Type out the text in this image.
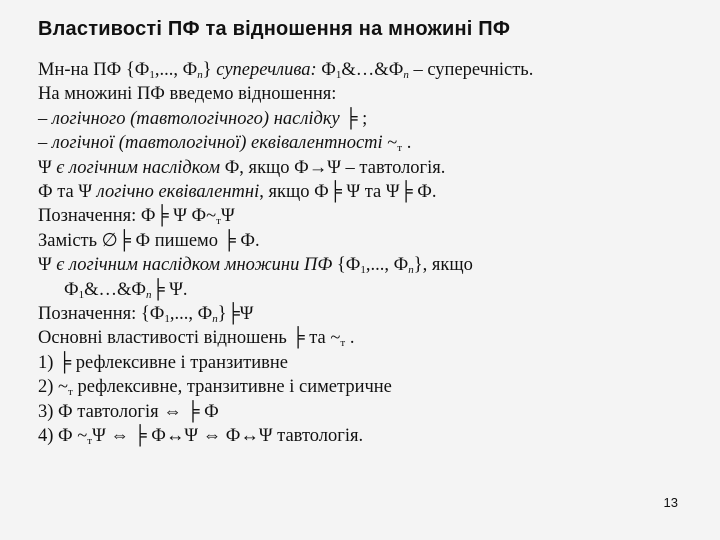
Властивості ПФ та відношення на множині ПФ
Мн-на ПФ {$Ф_1$,..., $Ф_n$} суперечлива: $Ф_1\&\dots\&Ф_n$ – суперечність.
На множині ПФ введемо відношення:
– логічного (тавтологічного) наслідку ╞ ;
– логічної (тавтологічної) еквівалентності $\sim_т$ .
Ψ є логічним наслідком Ф, якщо Ф→Ψ – тавтологія.
Ф та Ψ логічно еквівалентні, якщо Ф╞ Ψ та Ψ╞ Ф.
Позначення: Ф╞ Ψ $Ф\sim_т\Psi$
Замість ∅╞ Ф пишемо ╞ Ф.
Ψ є логічним наслідком множини ПФ {$Ф_1$,..., $Ф_n$}, якщо
$Ф_1\&\dots\&Ф_n╞$ Ψ.
Позначення: {$Ф_1$,..., $Ф_n\}╞\Psi$
Основні властивості відношень ╞ та $\sim_т$ .
1) ╞ рефлексивне і транзитивне
2) $\sim_т$ рефлексивне, транзитивне і симетричне
3) Ф тавтологія ⇔ ╞ Ф
4) Ф $\sim_т\Psi$ ⇔ ╞ Ф↔Ψ ⇔ Ф↔Ψ тавтологія.
13
